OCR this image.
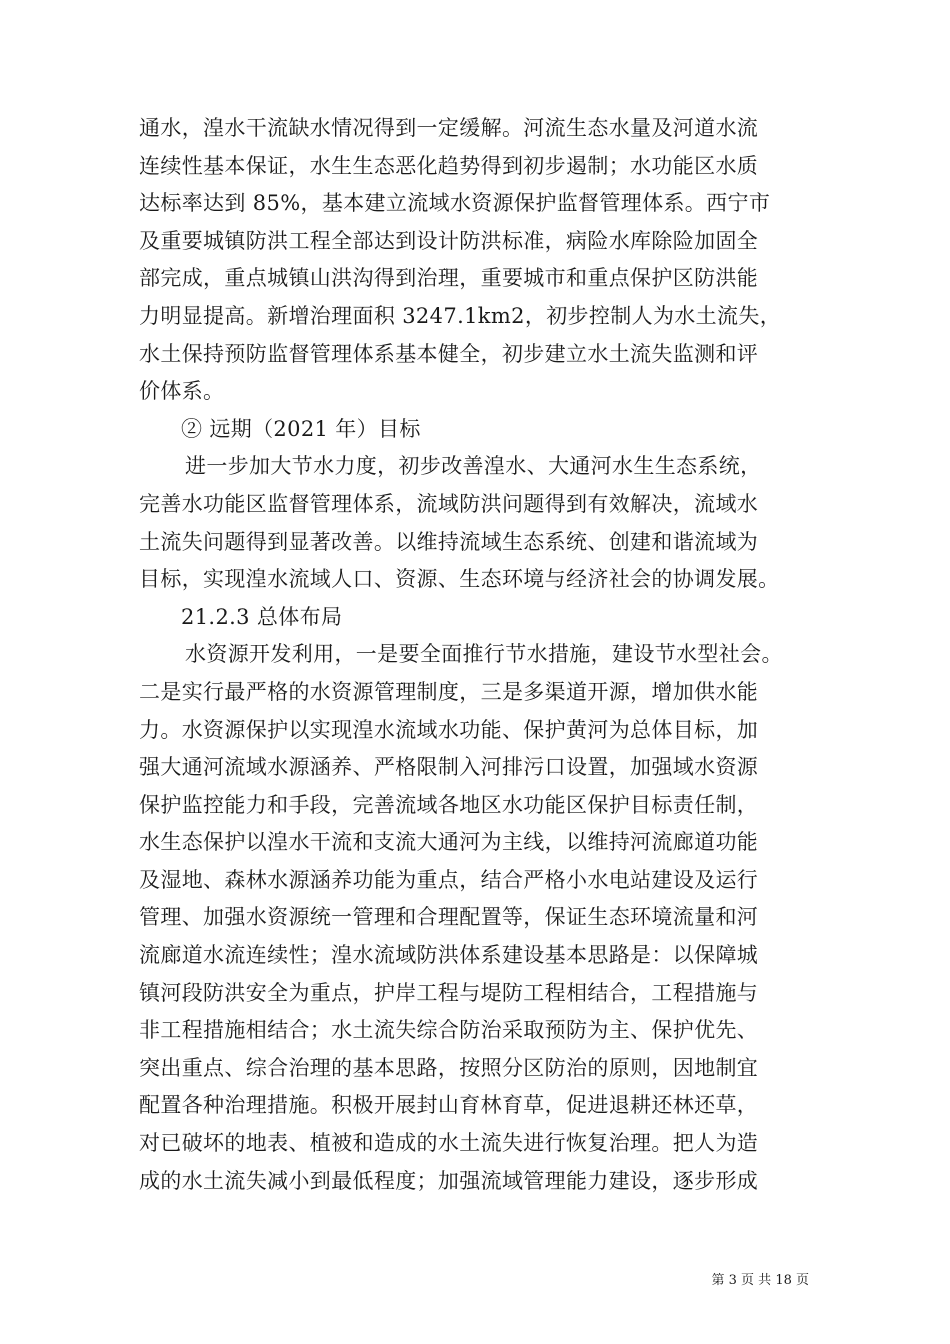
通水，湟水干流缺水情况得到一定缓解。河流生态水量及河道水流
连续性基本保证，水生生态恶化趋势得到初步遏制；水功能区水质
达标率达到 85%，基本建立流域水资源保护监督管理体系。西宁市
及重要城镇防洪工程全部达到设计防洪标准，病险水库除险加固全
部完成，重点城镇山洪沟得到治理，重要城市和重点保护区防洪能
力明显提高。新增治理面积 3247.1km2，初步控制人为水土流失，
水土保持预防监督管理体系基本健全，初步建立水土流失监测和评
价体系。
② 远期（2021 年）目标
进一步加大节水力度，初步改善湟水、大通河水生生态系统，
完善水功能区监督管理体系，流域防洪问题得到有效解决，流域水
土流失问题得到显著改善。以维持流域生态系统、创建和谐流域为
目标，实现湟水流域人口、资源、生态环境与经济社会的协调发展。
21.2.3 总体布局
水资源开发利用，一是要全面推行节水措施，建设节水型社会。
二是实行最严格的水资源管理制度，三是多渠道开源，增加供水能
力。水资源保护以实现湟水流域水功能、保护黄河为总体目标，加
强大通河流域水源涵养、严格限制入河排污口设置，加强域水资源
保护监控能力和手段，完善流域各地区水功能区保护目标责任制，
水生态保护以湟水干流和支流大通河为主线，以维持河流廊道功能
及湿地、森林水源涵养功能为重点，结合严格小水电站建设及运行
管理、加强水资源统一管理和合理配置等，保证生态环境流量和河
流廊道水流连续性；湟水流域防洪体系建设基本思路是：以保障城
镇河段防洪安全为重点，护岸工程与堤防工程相结合，工程措施与
非工程措施相结合；水土流失综合防治采取预防为主、保护优先、
突出重点、综合治理的基本思路，按照分区防治的原则，因地制宜
配置各种治理措施。积极开展封山育林育草，促进退耕还林还草，
对已破坏的地表、植被和造成的水土流失进行恢复治理。把人为造
成的水土流失减小到最低程度；加强流域管理能力建设，逐步形成
第 3 页 共 18 页
